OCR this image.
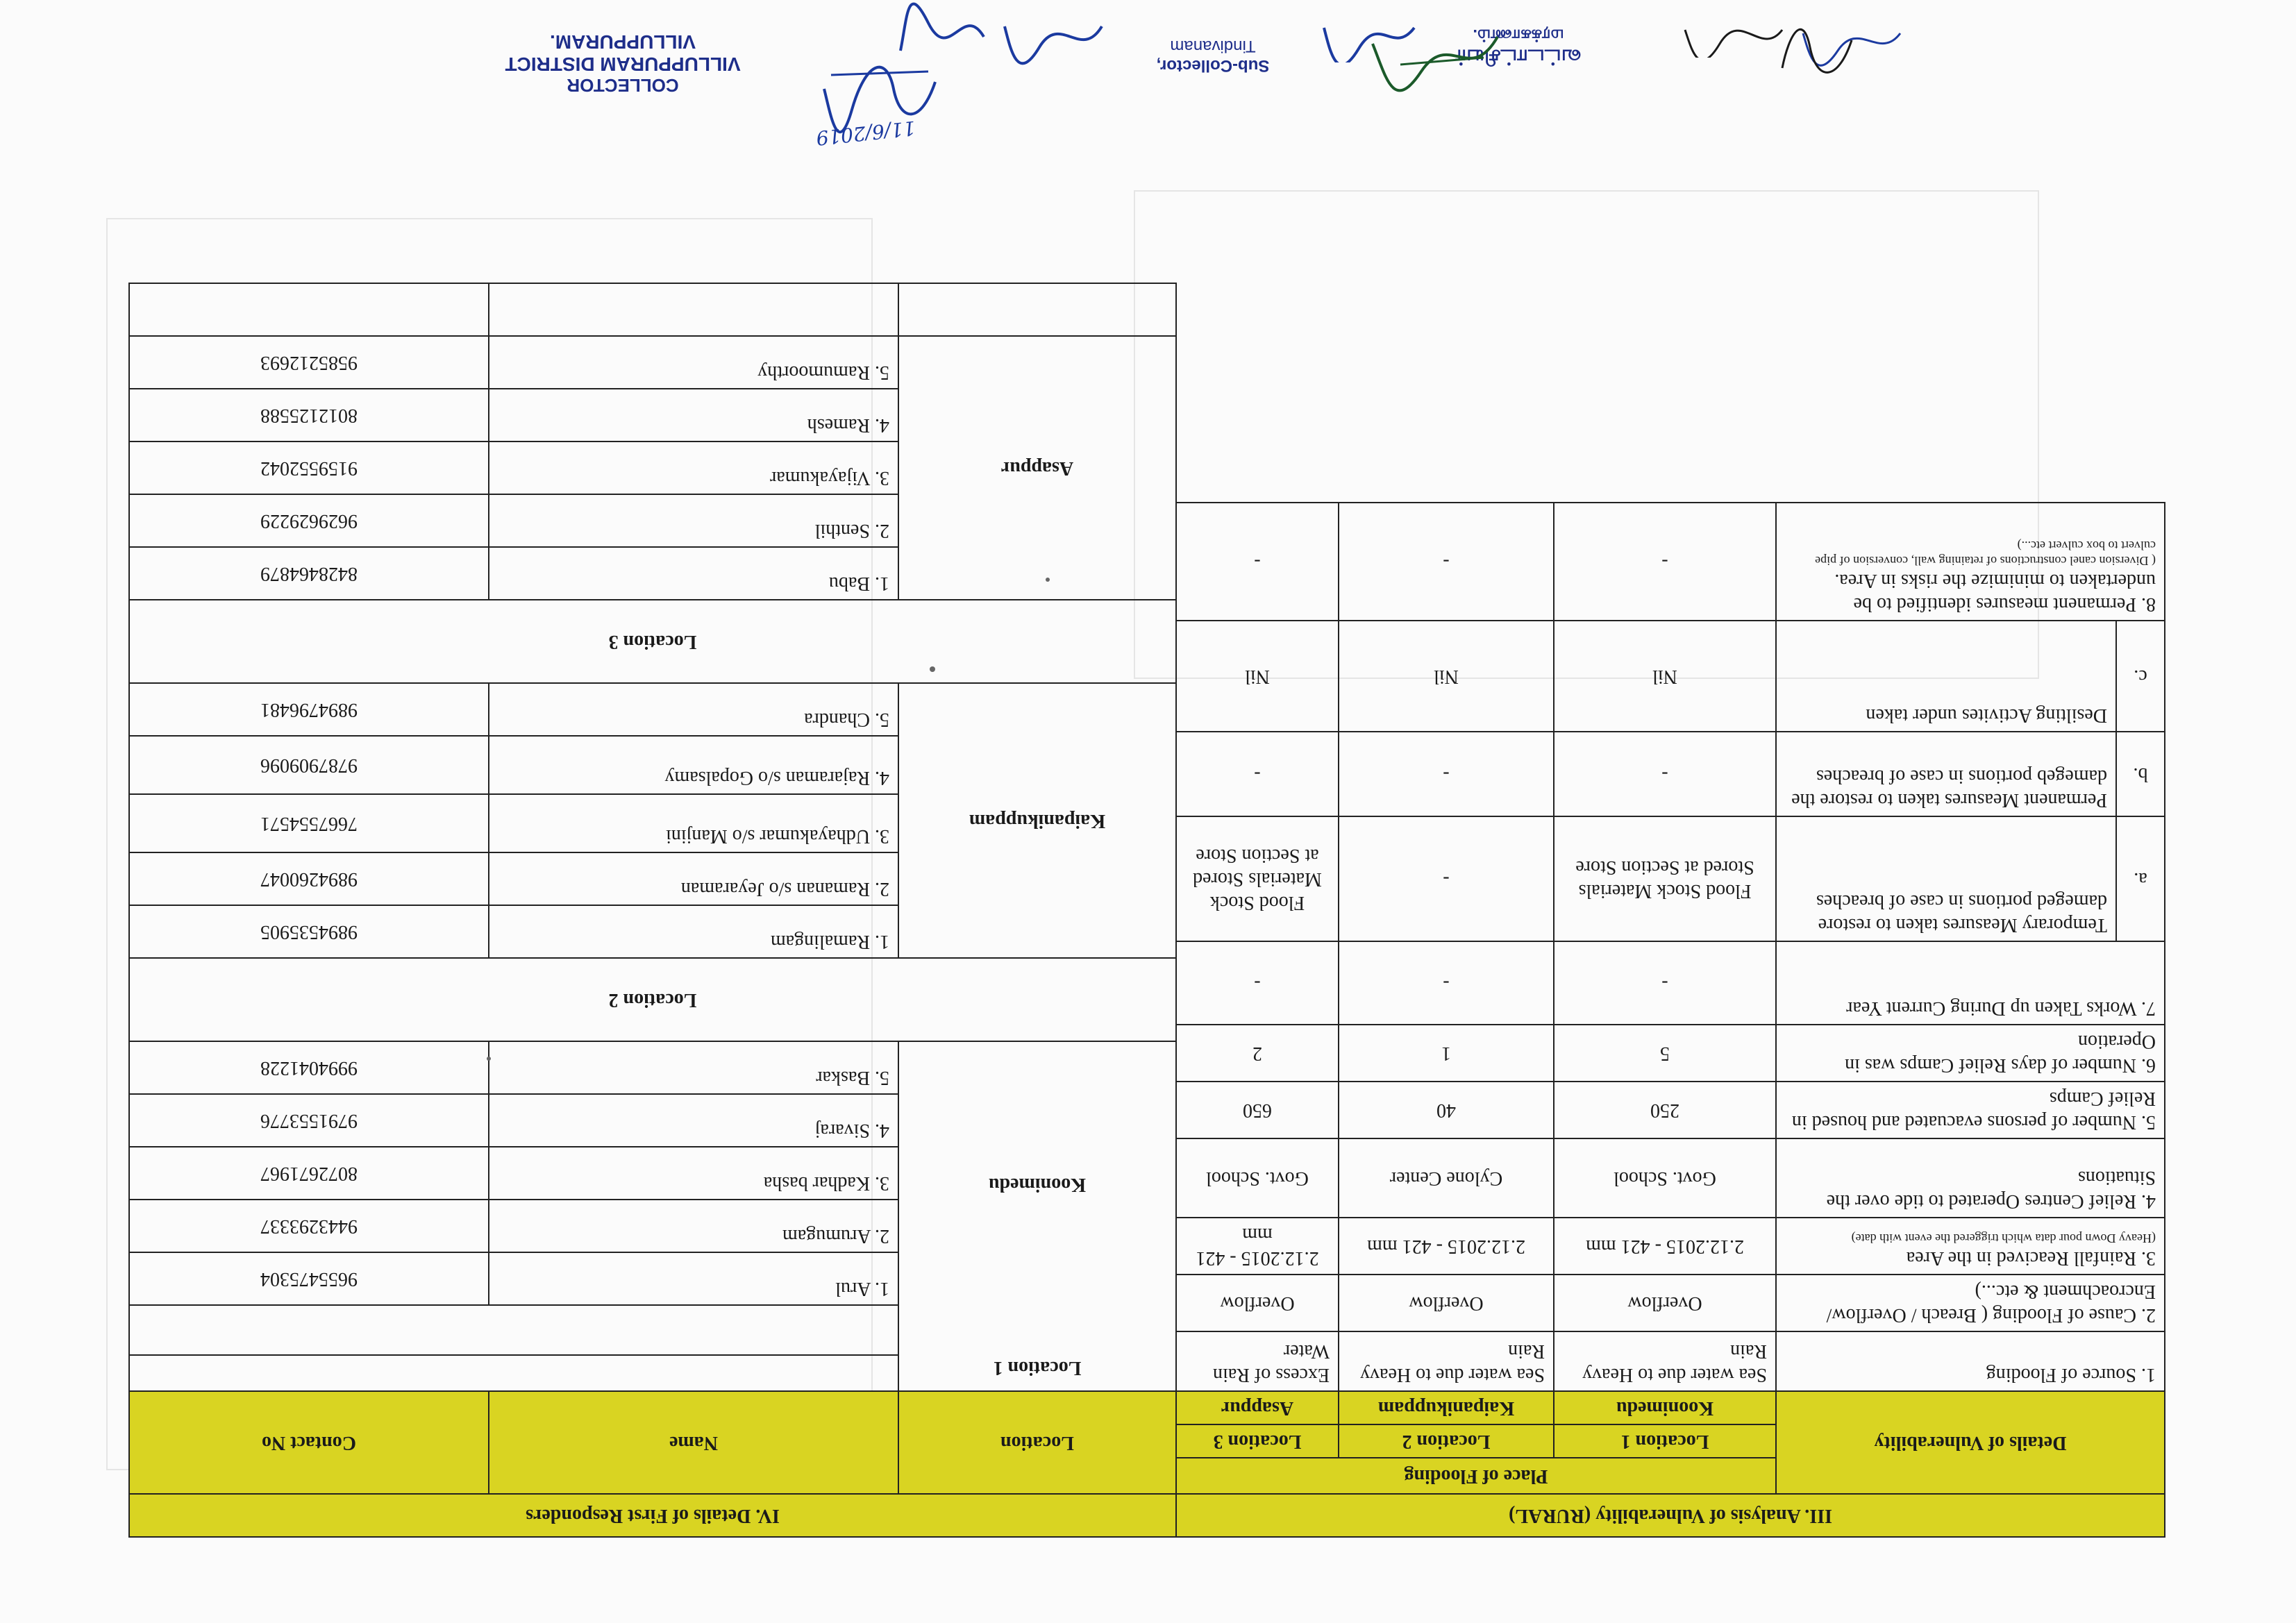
III. Analysis of Vulnerability (RURAL)				
Details of Vulnerability		Place of Flooding		
		Location 1	Location 2	Location 3
		Koonimedu	Kaipanikuppam	Asappur
1. Source of Flooding		Sea water due to Heavy Rain	Sea water due to Heavy Rain	Excess of Rain Water
2. Cause of Flooding ( Breach / Overflow/ Encroachment & etc...)		Overflow	Overflow	Overflow

3. Rainfall Reacived in the Area
(Heavy Down pour data which triggered the event with date)		2.12.2015 - 421 mm	2.12.2015 - 421 mm	2.12.2015 - 421 mm
4. Relief Centres Operated to tide over the Situations		Govt. School	Cylone Center	Govt. School
5. Number of persons evacuated and housed in Relief Camps		250	40	650
6. Number of days Relief Camps was in Operation		5	1	2
7. Works Taken up During Current Year		-	-	-
a.	Temporary Measures taken to restore dameged portions in case of breaches	Flood Stock Materials Stored at Section Store	-	Flood Stock Materials Stored at Section Store
b.	Permanent Measures taken to restore the damegeb portions in case of breaches	-	-	-
c.	Desilting Activites under taken	Nil	Nil	Nil

8. Permanent measures identified to be undertaken to minimize the risks in Area.
( Diversion canel constructions of retaining wall, conversion of pipe culvert to box culvert etc...)		-	-	-
IV. Details of First Responders		
Location	Name	Contact No

Location 1
Koonimedu		

	1. Arul	9655475304
	2. Arumugam	9443293337
	3. Kadhar basha	8072671967
	4. Sivaraj	9791553776
	5. Baskar	9994041228
Location 2		
Kaipanikuppam	1. Ramalingam	9894535905
	2. Ramanan s/o Jeyaraman	9894260047
	3. Udhayakumar s/o Manjini	7667554571
	4. Rajaraman s/o Gopalsamy	9787909096
	5. Chandra	9894796481
Location 3		
Asappur	1. Babu	8428464879
	2. Senthil	9629629229
	3. Vijayakumar	9159552042
	4. Ramesh	8012125588
	5. Ramumoorthy	9585212693

COLLECTOR
VILLUPPURAM DISTRICT
VILLUPPURAM.
Sub-Collector,
Tindivanam	வட்டாட்சியர்
மரக்காணம்.
11/6/2019
